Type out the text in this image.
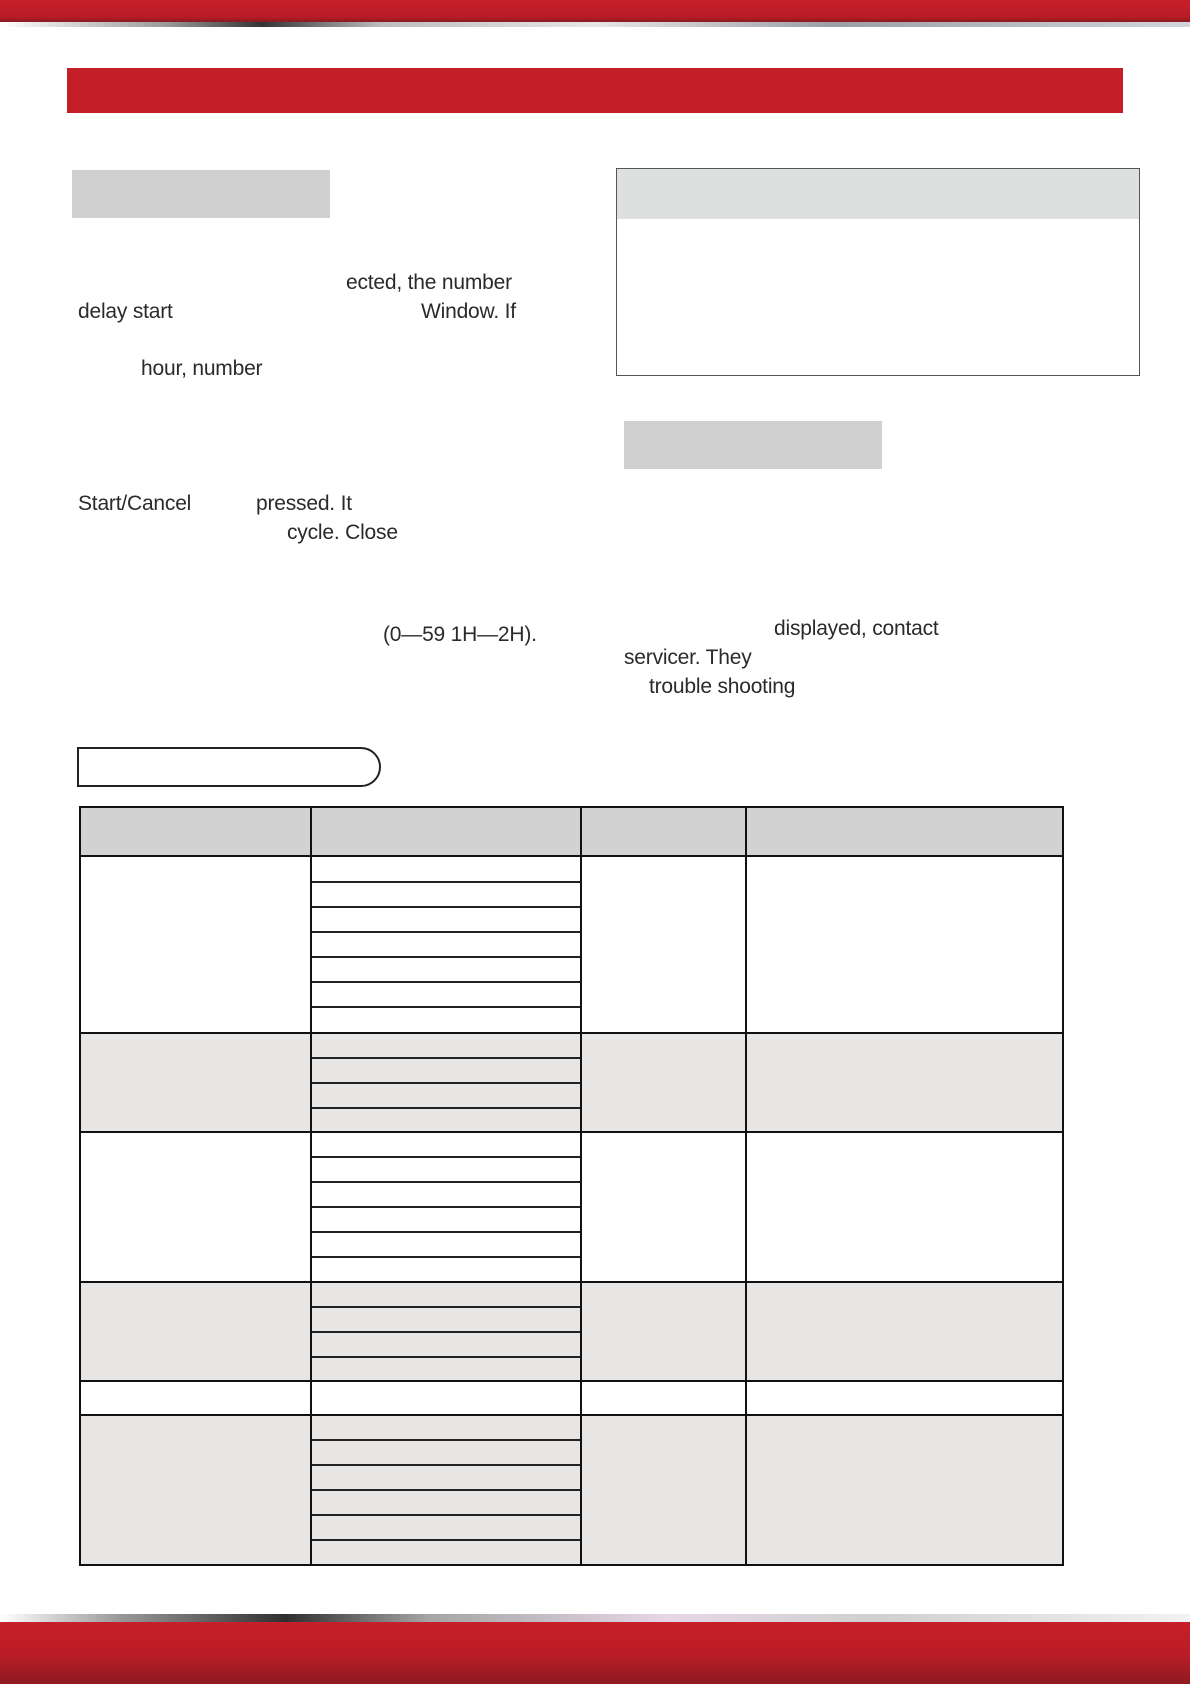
ected, the number
delay start	Window. If
hour, number
Start/Cancel	pressed. It
cycle. Close
(0—59 1H—2H).	displayed, contact
servicer. They
trouble shooting
